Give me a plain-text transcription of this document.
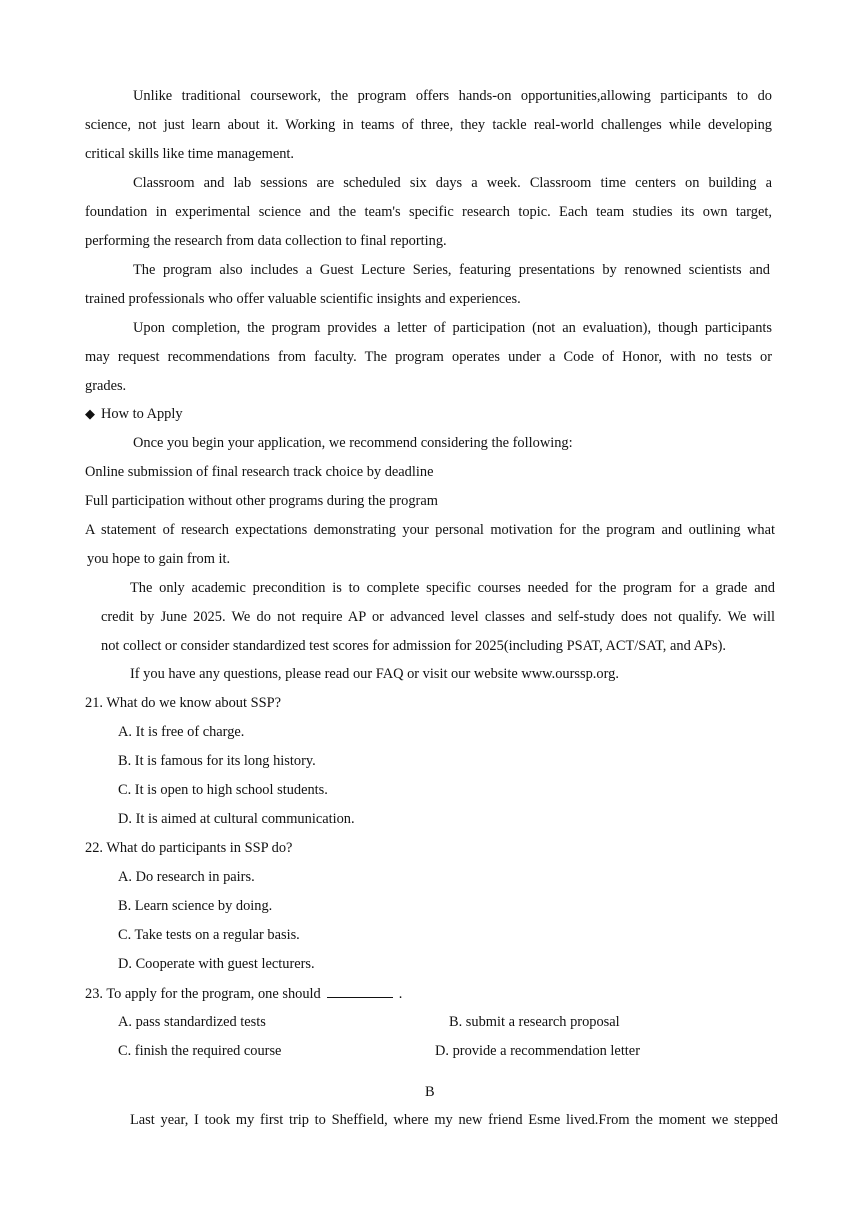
Unlike traditional coursework, the program offers hands-on opportunities,allowing participants to do
science, not just learn about it. Working in teams of three, they tackle real-world challenges while developing
critical skills like time management.
Classroom and lab sessions are scheduled six days a week. Classroom time centers on building a
foundation in experimental science and the team's specific research topic. Each team studies its own target,
performing the research from data collection to final reporting.
The program also includes a Guest Lecture Series, featuring presentations by renowned scientists and
trained professionals who offer valuable scientific insights and experiences.
Upon completion, the program provides a letter of participation (not an evaluation), though participants
may request recommendations from faculty. The program operates under a Code of Honor, with no tests or
grades.
◆ How to Apply
Once you begin your application, we recommend considering the following:
Online submission of final research track choice by deadline
Full participation without other programs during the program
A statement of research expectations demonstrating your personal motivation for the program and outlining what
you hope to gain from it.
The only academic precondition is to complete specific courses needed for the program for a grade and
credit by June 2025. We do not require AP or advanced level classes and self-study does not qualify. We will
not collect or consider standardized test scores for admission for 2025(including PSAT, ACT/SAT, and APs).
If you have any questions, please read our FAQ or visit our website www.ourssp.org.
21. What do we know about SSP?
A. It is free of charge.
B. It is famous for its long history.
C. It is open to high school students.
D. It is aimed at cultural communication.
22. What do participants in SSP do?
A. Do research in pairs.
B. Learn science by doing.
C. Take tests on a regular basis.
D. Cooperate with guest lecturers.
23. To apply for the program, one should	.
A. pass standardized tests	B. submit a research proposal
C. finish the required course	D. provide a recommendation letter
B
Last year, I took my first trip to Sheffield, where my new friend Esme lived.From the moment we stepped
